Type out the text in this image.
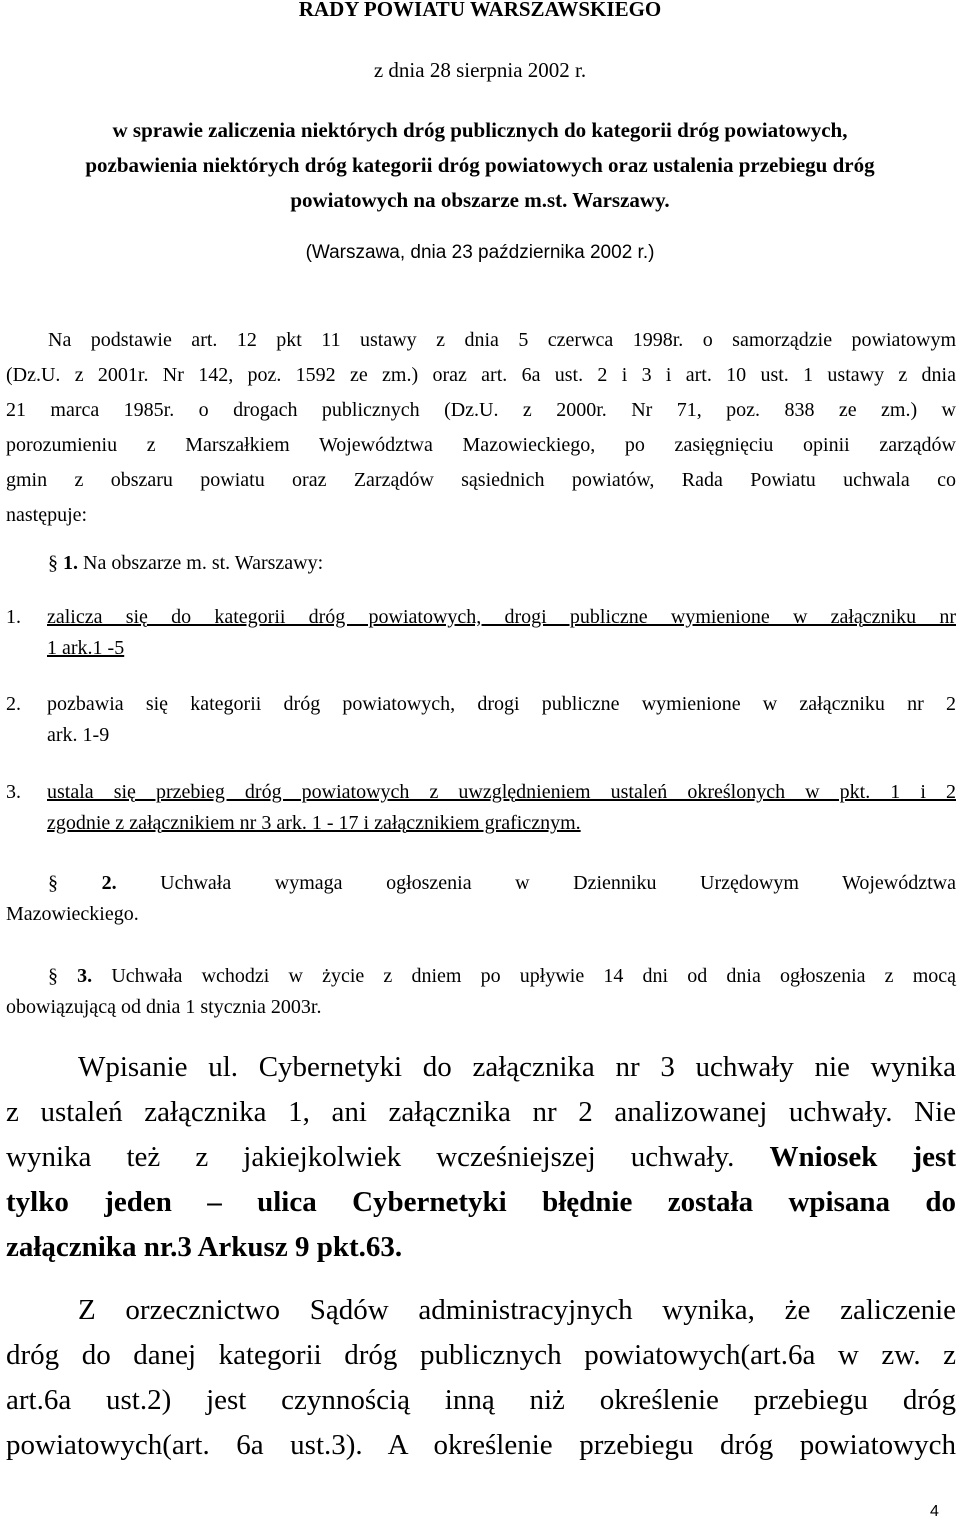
RADY POWIATU WARSZAWSKIEGO
z dnia 28 sierpnia 2002 r.
w sprawie zaliczenia niektórych dróg publicznych do kategorii dróg powiatowych,
pozbawienia niektórych dróg kategorii dróg powiatowych oraz ustalenia przebiegu dróg
powiatowych na obszarze m.st. Warszawy.
(Warszawa, dnia 23 października 2002 r.)
Na podstawie art. 12 pkt 11 ustawy z dnia 5 czerwca 1998r. o samorządzie powiatowym
(Dz.U. z 2001r. Nr 142, poz. 1592 ze zm.) oraz art. 6a ust. 2 i 3 i art. 10 ust. 1 ustawy z dnia
21 marca 1985r. o drogach publicznych (Dz.U. z 2000r. Nr 71, poz. 838 ze zm.) w
porozumieniu z Marszałkiem Województwa Mazowieckiego, po zasięgnięciu opinii zarządów
gmin z obszaru powiatu oraz Zarządów sąsiednich powiatów, Rada Powiatu uchwala co
następuje:
§ 1. Na obszarze m. st. Warszawy:
1. zalicza się do kategorii dróg powiatowych, drogi publiczne wymienione w załączniku nr
1 ark.1 -5
2. pozbawia się kategorii dróg powiatowych, drogi publiczne wymienione w załączniku nr 2
ark. 1-9
3. ustala się przebieg dróg powiatowych z uwzględnieniem ustaleń określonych w pkt. 1 i 2
zgodnie z załącznikiem nr 3 ark. 1 - 17 i załącznikiem graficznym.
§ 2. Uchwała wymaga ogłoszenia w Dzienniku Urzędowym Województwa
Mazowieckiego.
§ 3. Uchwała wchodzi w życie z dniem po upływie 14 dni od dnia ogłoszenia z mocą
obowiązującą od dnia 1 stycznia 2003r.
Wpisanie ul. Cybernetyki do załącznika nr 3 uchwały nie wynika
z ustaleń załącznika 1, ani załącznika nr 2 analizowanej uchwały. Nie
wynika też z jakiejkolwiek wcześniejszej uchwały. Wniosek jest
tylko jeden – ulica Cybernetyki błędnie została wpisana do
załącznika nr.3 Arkusz 9 pkt.63.
Z orzecznictwo Sądów administracyjnych wynika, że zaliczenie
dróg do danej kategorii dróg publicznych powiatowych(art.6a w zw. z
art.6a ust.2) jest czynnością inną niż określenie przebiegu dróg
powiatowych(art. 6a ust.3). A określenie przebiegu dróg powiatowych
4
